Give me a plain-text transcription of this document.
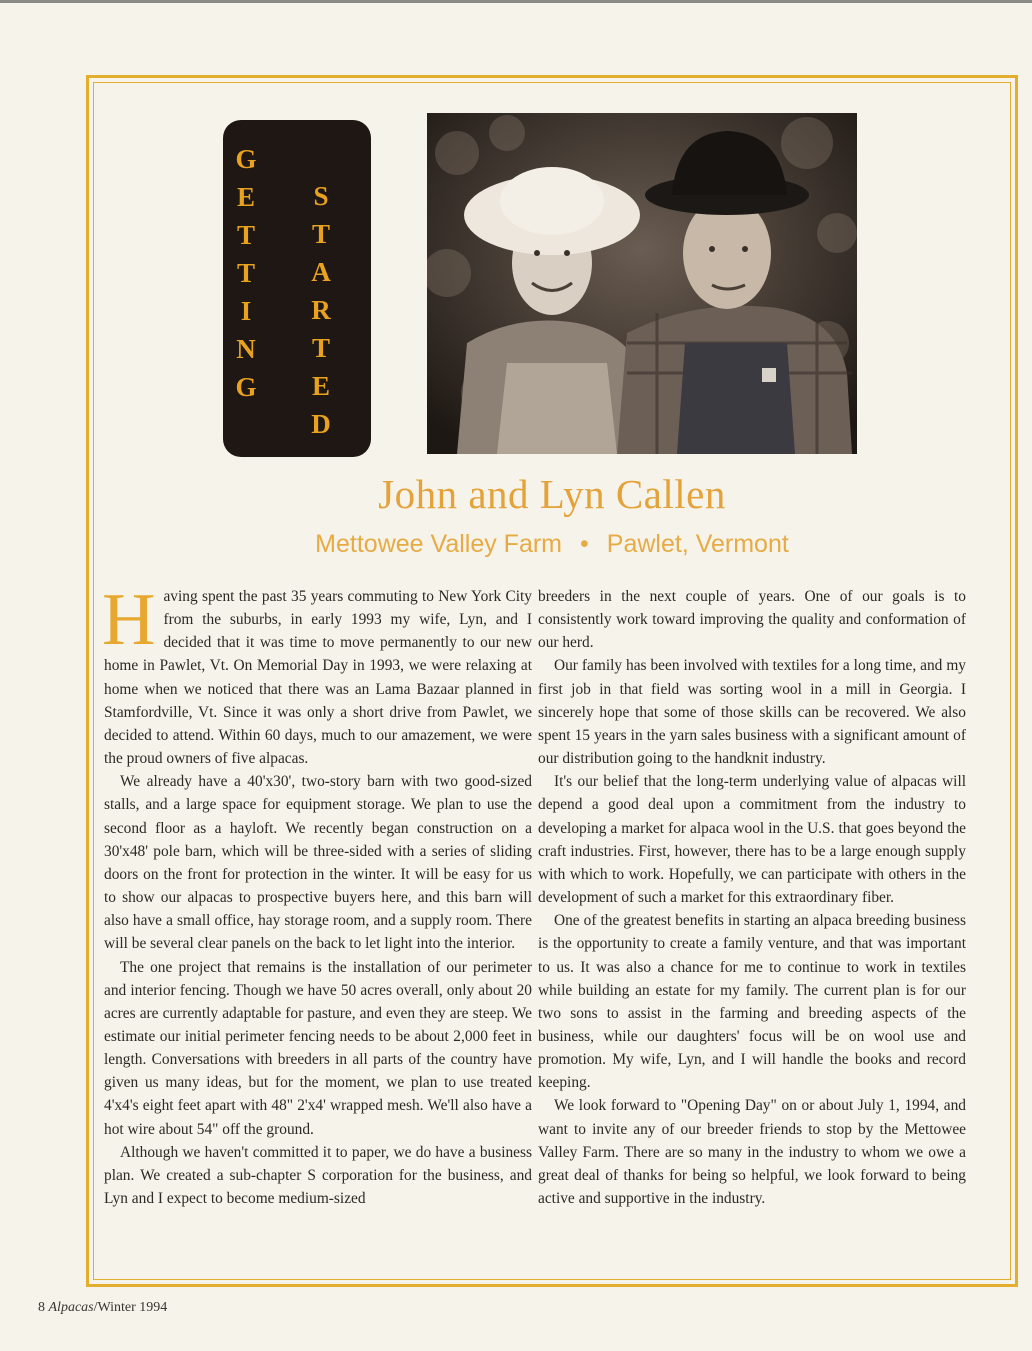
G
E
T
T
I
N
G
S
T
A
R
T
E
D
John and Lyn Callen
Mettowee Valley Farm • Pawlet, Vermont

Having spent the past 35 years commuting to New York City from the suburbs, in early 1993 my wife, Lyn, and I decided that it was time to move permanently to our new home in Pawlet, Vt. On Memorial Day in 1993, we were relaxing at home when we noticed that there was an Lama Bazaar planned in Stamfordville, Vt. Since it was only a short drive from Pawlet, we decided to attend. Within 60 days, much to our amazement, we were the proud owners of five alpacas.

We already have a 40'x30', two-story barn with two good-sized stalls, and a large space for equipment storage. We plan to use the second floor as a hayloft. We recently began construction on a 30'x48' pole barn, which will be three-sided with a series of sliding doors on the front for protection in the winter. It will be easy for us to show our alpacas to prospective buyers here, and this barn will also have a small office, hay storage room, and a supply room. There will be several clear panels on the back to let light into the interior.

The one project that remains is the installation of our perimeter and interior fencing. Though we have 50 acres overall, only about 20 acres are currently adaptable for pasture, and even they are steep. We estimate our initial perimeter fencing needs to be about 2,000 feet in length. Conversations with breeders in all parts of the country have given us many ideas, but for the moment, we plan to use treated 4'x4's eight feet apart with 48" 2'x4' wrapped mesh. We'll also have a hot wire about 54" off the ground.

Although we haven't committed it to paper, we do have a business plan. We created a sub-chapter S corporation for the business, and Lyn and I expect to become medium-sized

breeders in the next couple of years. One of our goals is to consistently work toward improving the quality and conformation of our herd.

Our family has been involved with textiles for a long time, and my first job in that field was sorting wool in a mill in Georgia. I sincerely hope that some of those skills can be recovered. We also spent 15 years in the yarn sales business with a significant amount of our distribution going to the handknit industry.

It's our belief that the long-term underlying value of alpacas will depend a good deal upon a commitment from the industry to developing a market for alpaca wool in the U.S. that goes beyond the craft industries. First, however, there has to be a large enough supply with which to work. Hopefully, we can participate with others in the development of such a market for this extraordinary fiber.

One of the greatest benefits in starting an alpaca breeding business is the opportunity to create a family venture, and that was important to us. It was also a chance for me to continue to work in textiles while building an estate for my family. The current plan is for our two sons to assist in the farming and breeding aspects of the business, while our daughters' focus will be on wool use and promotion. My wife, Lyn, and I will handle the books and record keeping.

We look forward to "Opening Day" on or about July 1, 1994, and want to invite any of our breeder friends to stop by the Mettowee Valley Farm. There are so many in the industry to whom we owe a great deal of thanks for being so helpful, we look forward to being active and supportive in the industry.

8 Alpacas/Winter 1994
